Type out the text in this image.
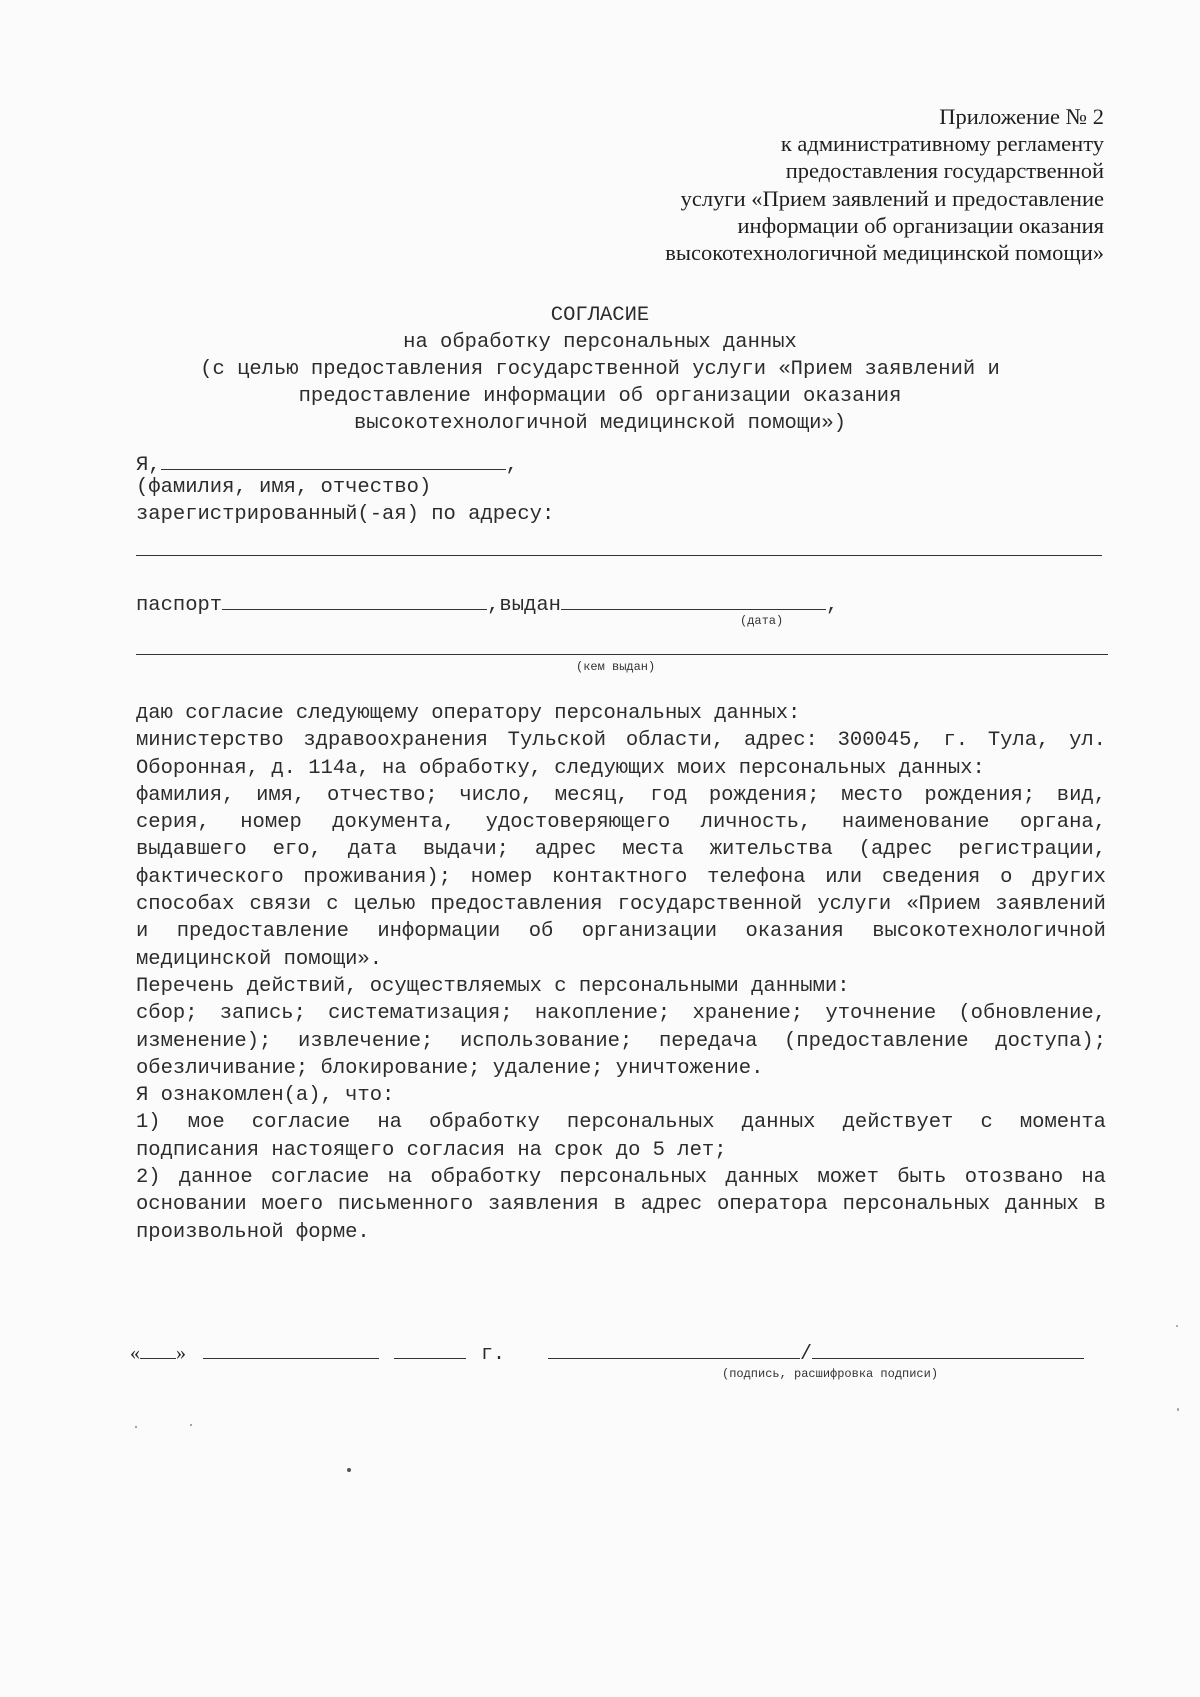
Приложение № 2
к административному регламенту
предоставления государственной
услуги «Прием заявлений и предоставление
информации об организации оказания
высокотехнологичной медицинской помощи»
СОГЛАСИЕ
на обработку персональных данных
(с целью предоставления государственной услуги «Прием заявлений и
предоставление информации об организации оказания
высокотехнологичной медицинской помощи»)
Я,	,
(фамилия, имя, отчество)
зарегистрированный(-ая) по адресу:
паспорт	,выдан	,
(дата)
(кем выдан)

даю согласие следующему оператору персональных данных:

министерство здравоохранения Тульской области, адрес: 300045, г. Тула, ул. Оборонная, д. 114а, на обработку, следующих моих персональных данных:

фамилия, имя, отчество; число, месяц, год рождения; место рождения; вид, серия, номер документа, удостоверяющего личность, наименование органа, выдавшего его, дата выдачи; адрес места жительства (адрес регистрации, фактического проживания); номер контактного телефона или сведения о других способах связи с целью предоставления государственной услуги «Прием заявлений и предоставление информации об организации оказания высокотехнологичной медицинской помощи».

Перечень действий, осуществляемых с персональными данными:

сбор; запись; систематизация; накопление; хранение; уточнение (обновление, изменение); извлечение; использование; передача (предоставление доступа); обезличивание; блокирование; удаление; уничтожение.

Я ознакомлен(а), что:

1) мое согласие на обработку персональных данных действует с момента подписания настоящего согласия на срок до 5 лет;

2) данное согласие на обработку персональных данных может быть отозвано на основании моего письменного заявления в адрес оператора персональных данных в произвольной форме.

« »	г.	/
(подпись, расшифровка подписи)
